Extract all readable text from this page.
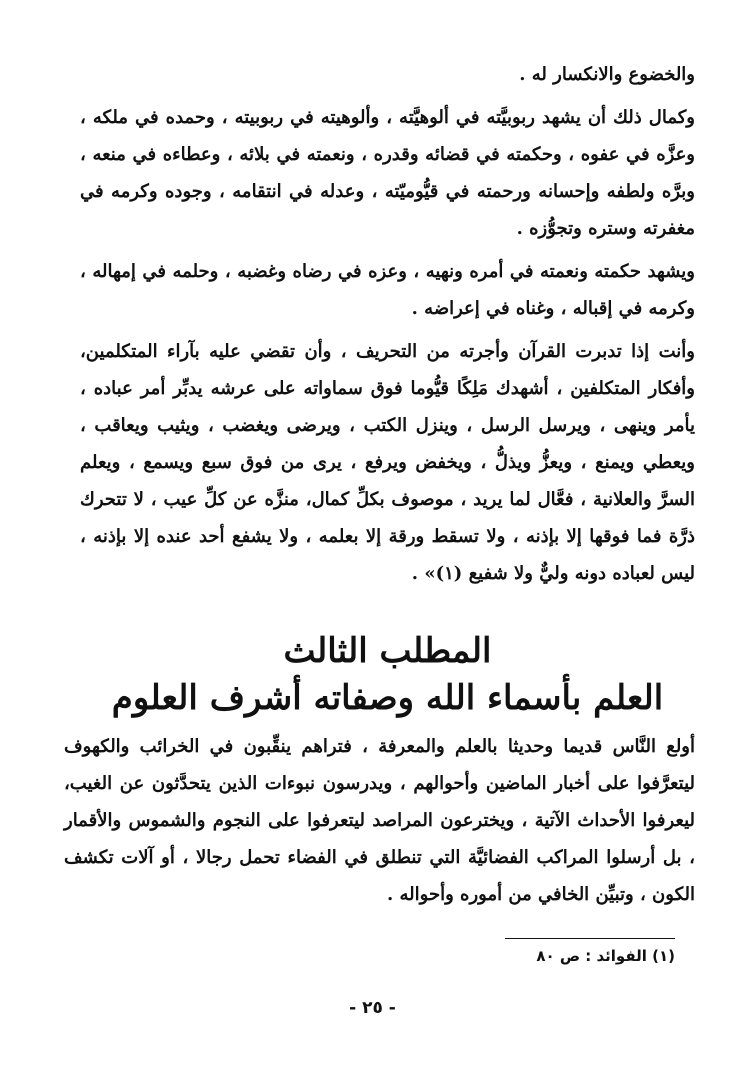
والخضوع والانكسار له .

وكمال ذلك أن يشهد ربوبيَّته في ألوهيَّته ، وألوهيته في ربوبيته ، وحمده في ملكه ، وعزَّه في عفوه ، وحكمته في قضائه وقدره ، ونعمته في بلائه ، وعطاءه في منعه ، وبرَّه ولطفه وإحسانه ورحمته في قيُّوميّته ، وعدله في انتقامه ، وجوده وكرمه في مغفرته وستره وتجوُّزه .

ويشهد حكمته ونعمته في أمره ونهيه ، وعزه في رضاه وغضبه ، وحلمه في إمهاله ، وكرمه في إقباله ، وغناه في إعراضه .

وأنت إذا تدبرت القرآن وأجرته من التحريف ، وأن تقضي عليه بآراء المتكلمين، وأفكار المتكلفين ، أشهدك مَلِكًا قيُّوما فوق سماواته على عرشه يدبِّر أمر عباده ، يأمر وينهى ، ويرسل الرسل ، وينزل الكتب ، ويرضى ويغضب ، ويثيب ويعاقب ، ويعطي ويمنع ، ويعزُّ ويذلُّ ، ويخفض ويرفع ، يرى من فوق سبع ويسمع ، ويعلم السرَّ والعلانية ، فعَّال لما يريد ، موصوف بكلِّ كمال، منزَّه عن كلِّ عيب ، لا تتحرك ذرَّة فما فوقها إلا بإذنه ، ولا تسقط ورقة إلا بعلمه ، ولا يشفع أحد عنده إلا بإذنه ، ليس لعباده دونه وليٌّ ولا شفيع (١)» .

المطلب الثالث

العلم بأسماء الله وصفاته أشرف العلوم

أولع النَّاس قديما وحديثا بالعلم والمعرفة ، فتراهم ينقِّبون في الخرائب والكهوف ليتعرَّفوا على أخبار الماضين وأحوالهم ، ويدرسون نبوءات الذين يتحدَّثون عن الغيب، ليعرفوا الأحداث الآتية ، ويخترعون المراصد ليتعرفوا على النجوم والشموس والأقمار ، بل أرسلوا المراكب الفضائيَّة التي تنطلق في الفضاء تحمل رجالا ، أو آلات تكشف الكون ، وتبيِّن الخافي من أموره وأحواله .

(١) الفوائد : ص ٨٠

- ٢٥ -
